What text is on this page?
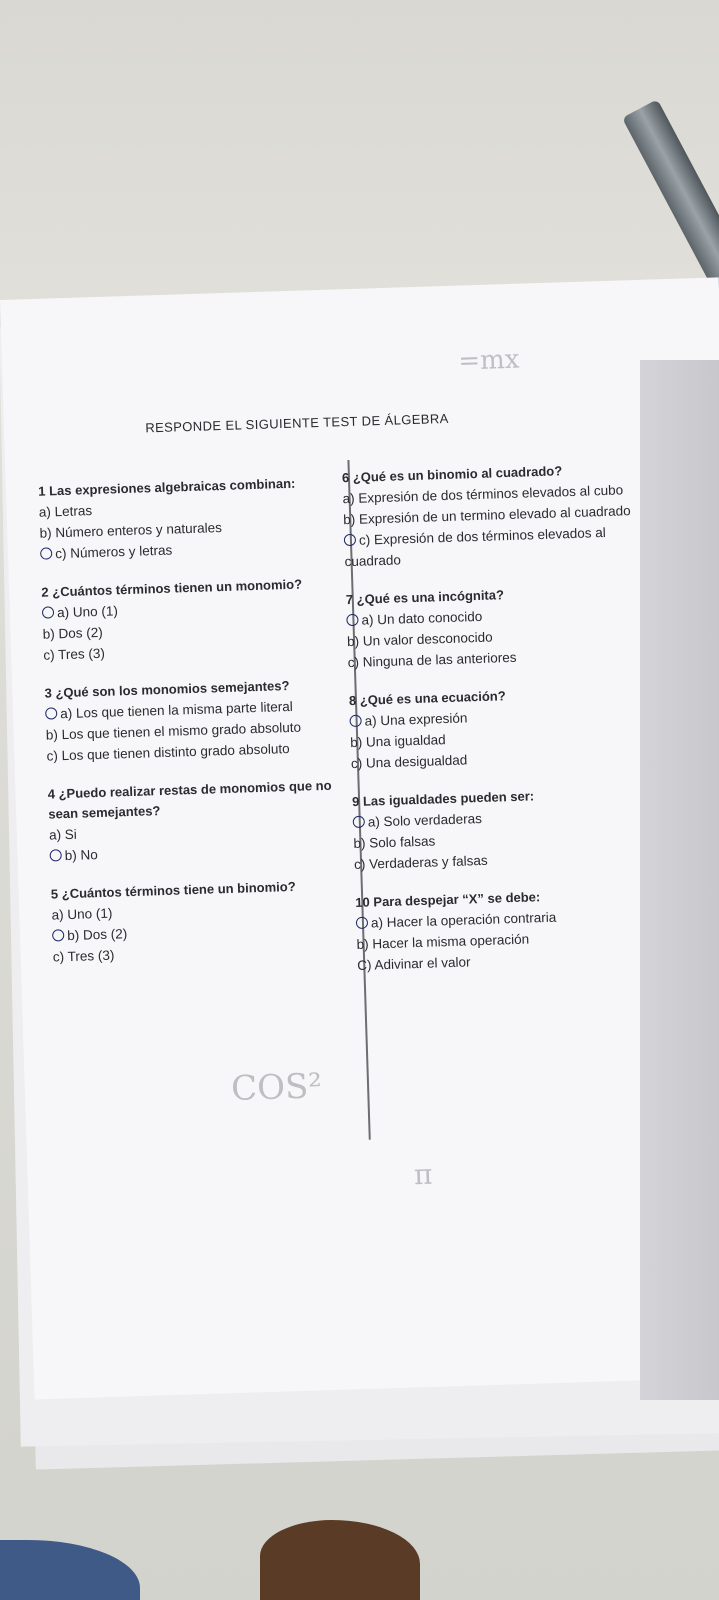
RESPONDE EL SIGUIENTE TEST DE ÁLGEBRA
=mx
COS²
π

1 Las expresiones algebraicas combinan:

a) Letras

b) Número enteros y naturales

c) Números y letras

2 ¿Cuántos términos tienen un monomio?

a) Uno (1)

b) Dos (2)

c) Tres (3)

3 ¿Qué son los monomios semejantes?

a) Los que tienen la misma parte literal

b) Los que tienen el mismo grado absoluto

c) Los que tienen distinto grado absoluto

4 ¿Puedo realizar restas de monomios que no sean semejantes?

a) Si

b) No

5 ¿Cuántos términos tiene un binomio?

a) Uno (1)

b) Dos (2)

c) Tres (3)

6 ¿Qué es un binomio al cuadrado?

a) Expresión de dos términos elevados al cubo

b) Expresión de un termino elevado al cuadrado

c) Expresión de dos términos elevados al cuadrado

7 ¿Qué es una incógnita?

a) Un dato conocido

b) Un valor desconocido

c) Ninguna de las anteriores

8 ¿Qué es una ecuación?

a) Una expresión

b) Una igualdad

c) Una desigualdad

9 Las igualdades pueden ser:

a) Solo verdaderas

b) Solo falsas

c) Verdaderas y falsas

10 Para despejar “X” se debe:

a) Hacer la operación contraria

b) Hacer la misma operación

C) Adivinar el valor
